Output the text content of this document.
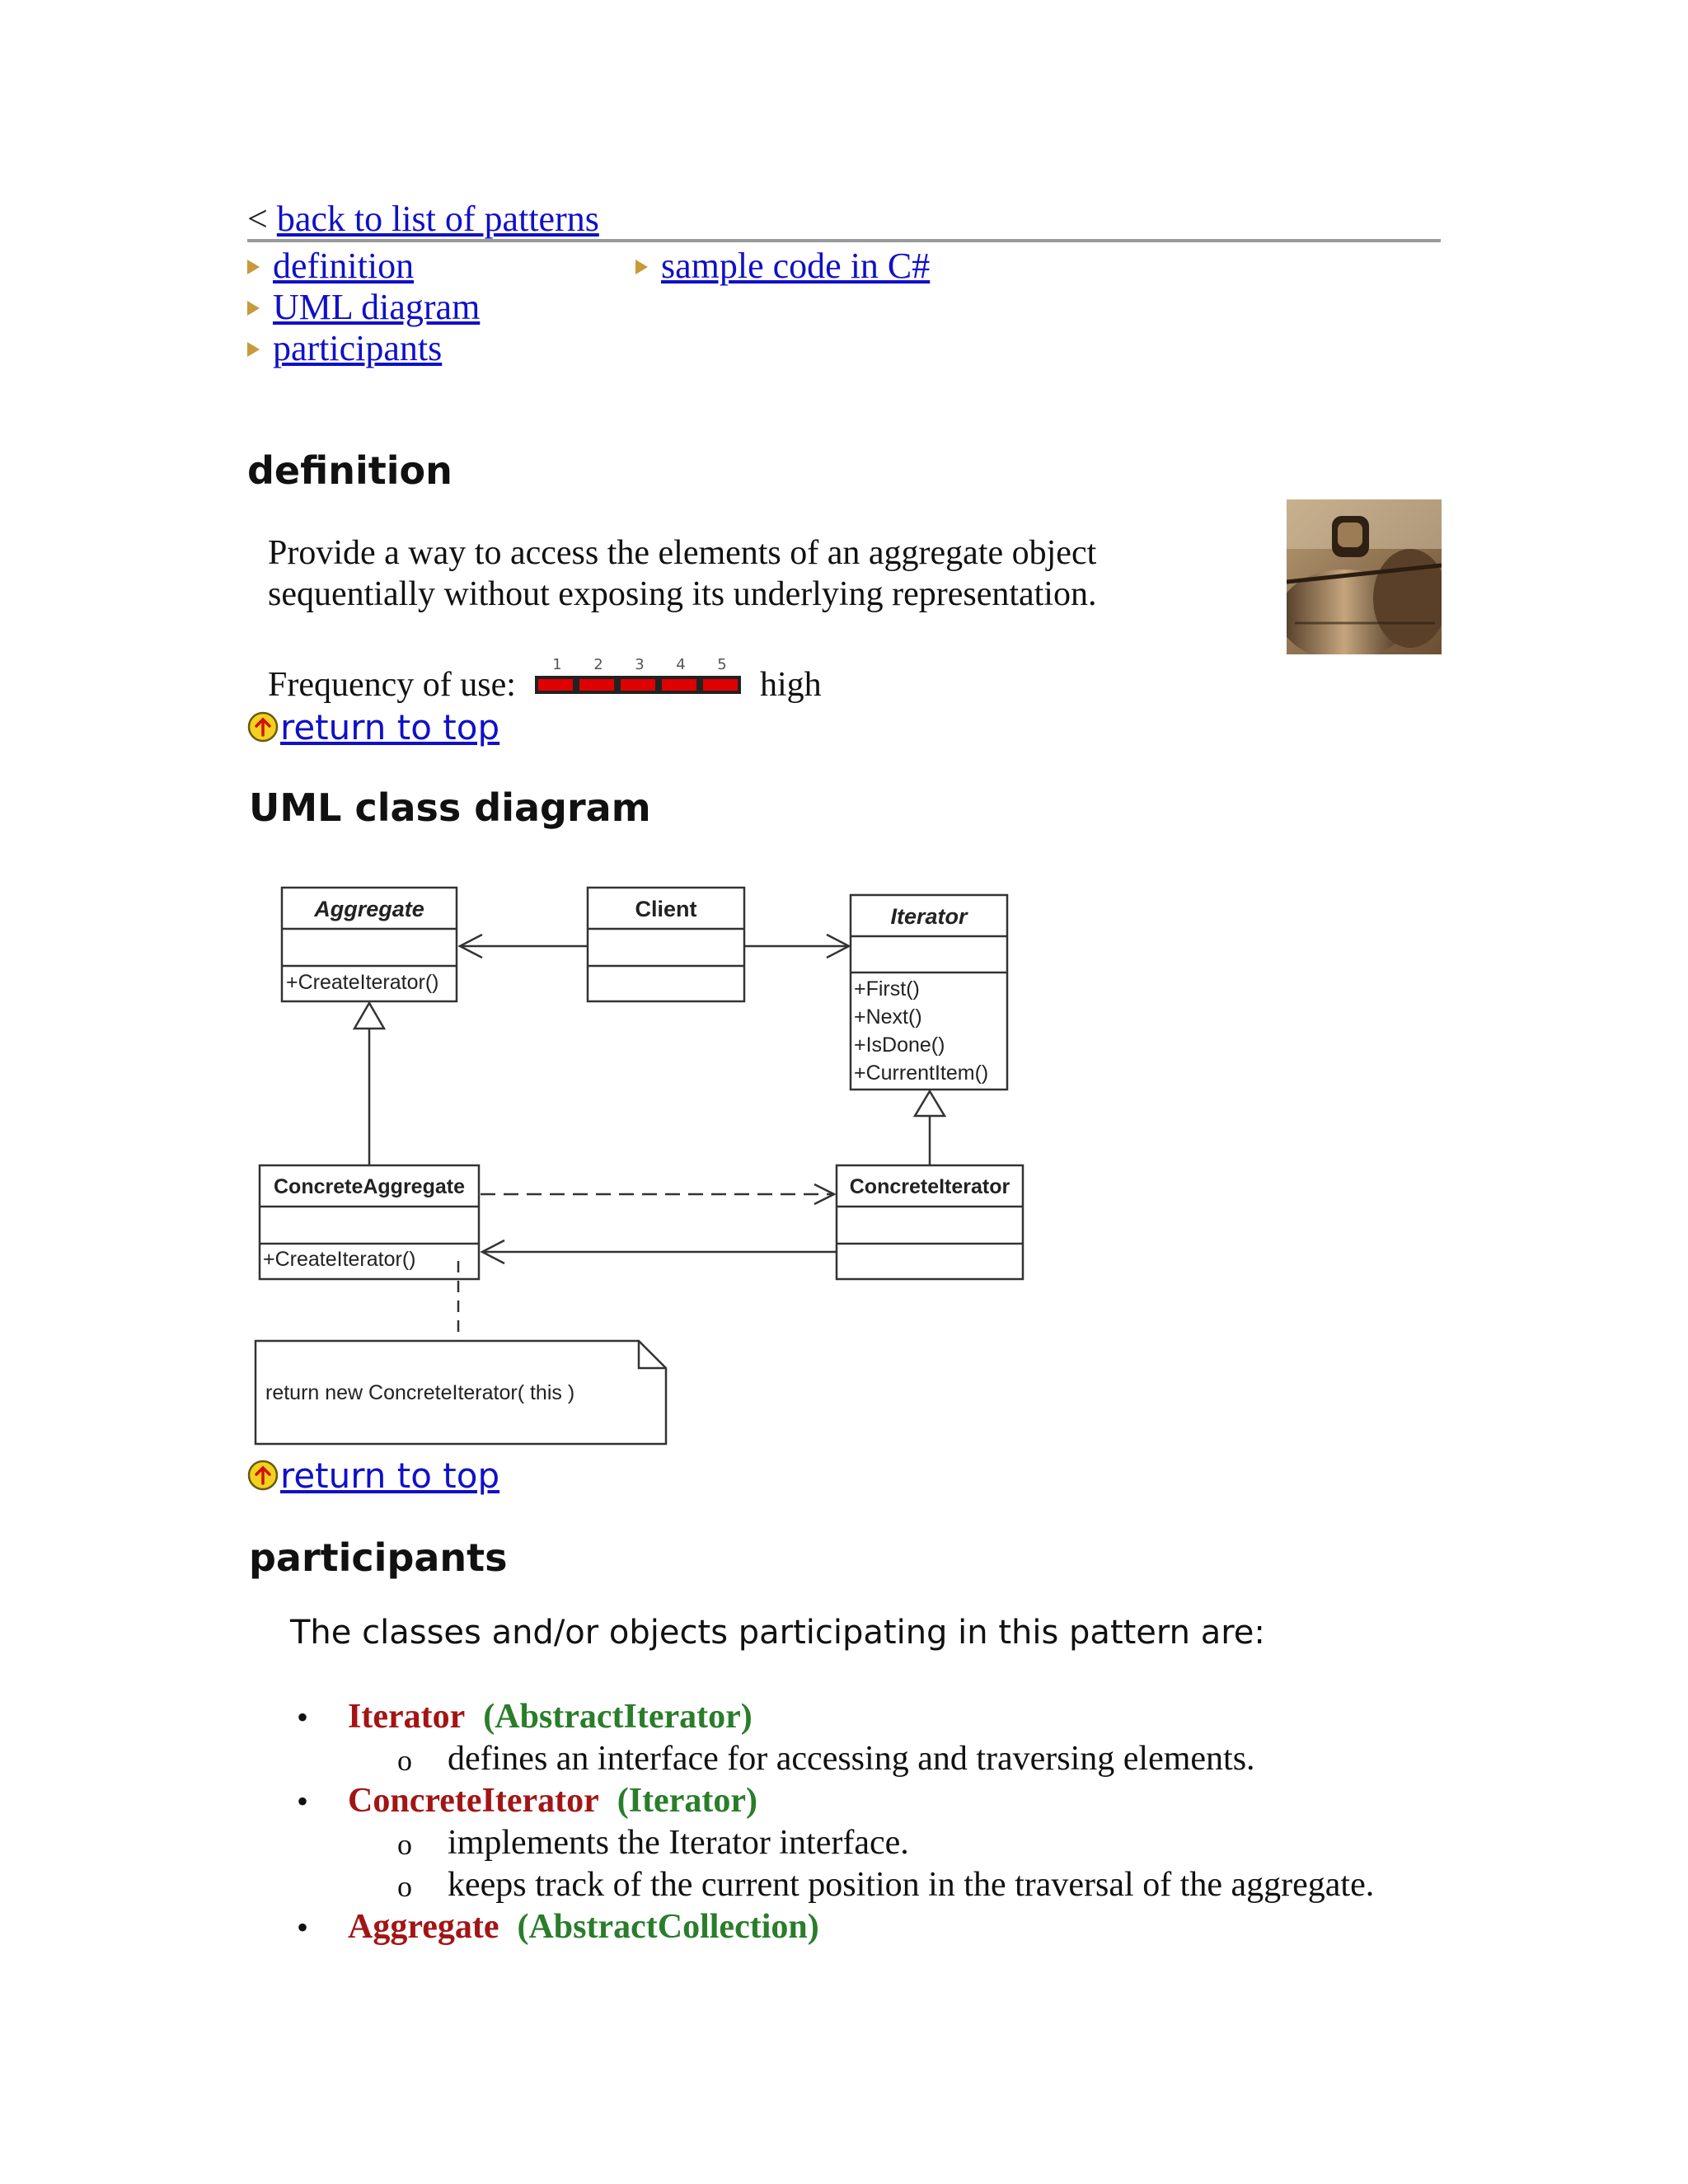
< back to list of patterns
definition
UML diagram
participants
sample code in C#
definition
Provide a way to access the elements of an aggregate object
sequentially without exposing its underlying representation.
Frequency of use:
1 2 3 4 5
high
return to top
UML class diagram
Aggregate
+CreateIterator()
Client	Iterator
+First()
+Next()
+IsDone()
+CurrentItem()
ConcreteAggregate
+CreateIterator()
ConcreteIterator
return new ConcreteIterator( this )
return to top
participants
The classes and/or objects participating in this pattern are:
• Iterator (AbstractIterator)
o defines an interface for accessing and traversing elements.
• ConcreteIterator (Iterator)
o implements the Iterator interface.
o keeps track of the current position in the traversal of the aggregate.
• Aggregate (AbstractCollection)
